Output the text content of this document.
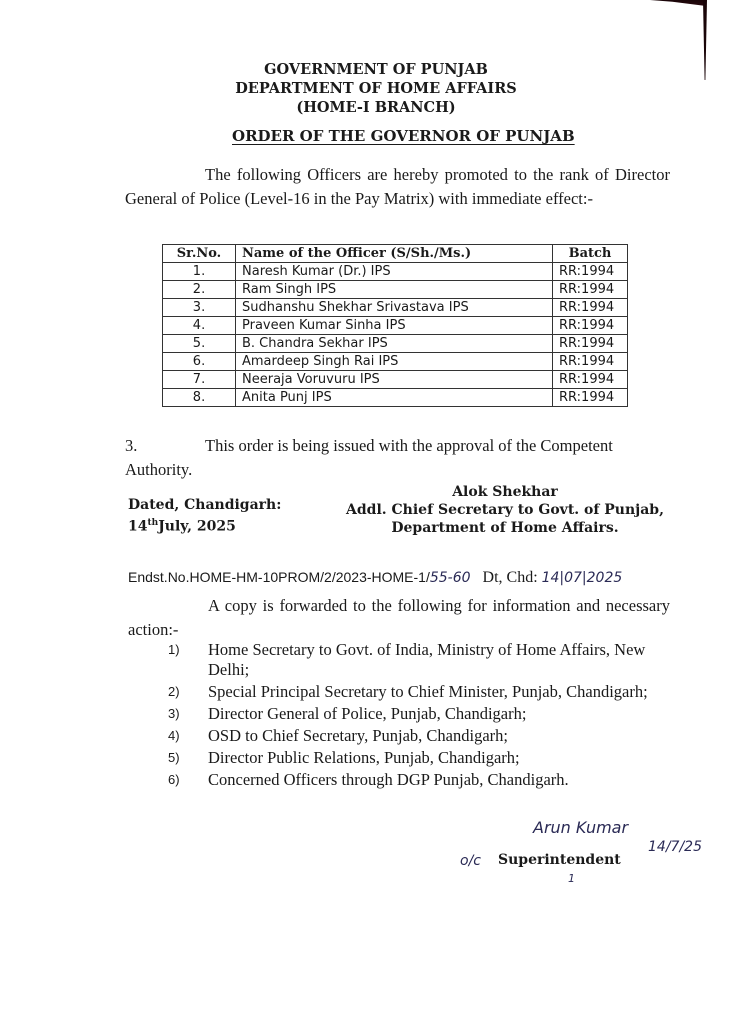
GOVERNMENT OF PUNJAB
DEPARTMENT OF HOME AFFAIRS
(HOME-I BRANCH)
ORDER OF THE GOVERNOR OF PUNJAB
The following Officers are hereby promoted to the rank of Director General of Police (Level-16 in the Pay Matrix) with immediate effect:-
Sr.No.	Name of the Officer (S/Sh./Ms.)	Batch
1.	Naresh Kumar (Dr.) IPS	RR:1994
2.	Ram Singh IPS	RR:1994
3.	Sudhanshu Shekhar Srivastava IPS	RR:1994
4.	Praveen Kumar Sinha IPS	RR:1994
5.	B. Chandra Sekhar IPS	RR:1994
6.	Amardeep Singh Rai IPS	RR:1994
7.	Neeraja Voruvuru IPS	RR:1994
8.	Anita Punj IPS	RR:1994
3.	This order is being issued with the approval of the Competent Authority.
Dated, Chandigarh:
14thJuly, 2025
Alok Shekhar
Addl. Chief Secretary to Govt. of Punjab,
Department of Home Affairs.
Endst.No.HOME-HM-10PROM/2/2023-HOME-1/55-60 Dt, Chd: 14|07|2025
A copy is forwarded to the following for information and necessary action:-
1)	Home Secretary to Govt. of India, Ministry of Home Affairs, New Delhi;
2)	Special Principal Secretary to Chief Minister, Punjab, Chandigarh;
3)	Director General of Police, Punjab, Chandigarh;
4)	OSD to Chief Secretary, Punjab, Chandigarh;
5)	Director Public Relations, Punjab, Chandigarh;
6)	Concerned Officers through DGP Punjab, Chandigarh.
Arun Kumar
o/c Superintendent
14/7/25
1
